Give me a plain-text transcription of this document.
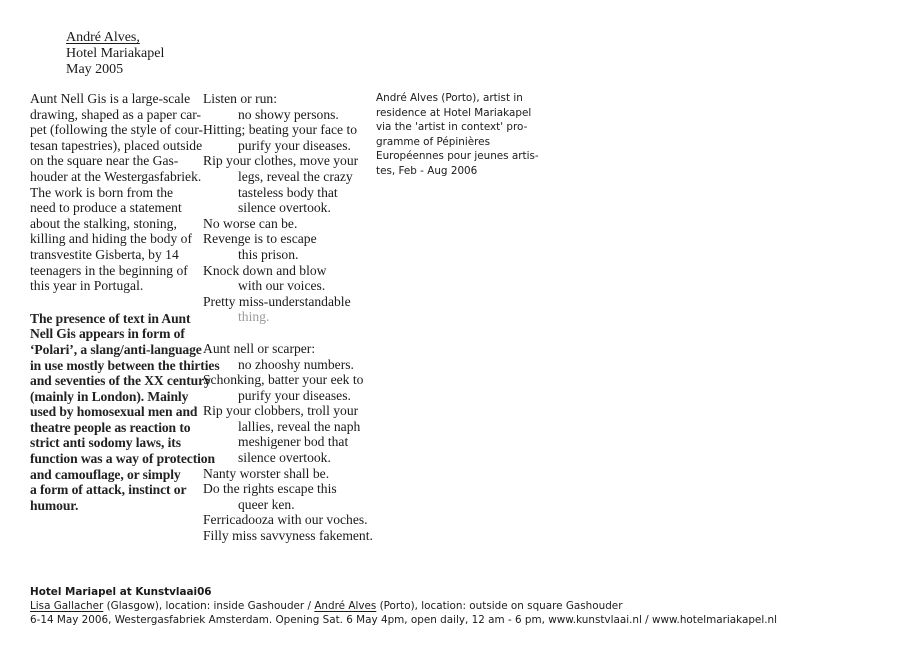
André Alves,
Hotel Mariakapel
May 2005

Aunt Nell Gis is a large-scale
drawing, shaped as a paper car-
pet (following the style of cour-
tesan tapestries), placed outside
on the square near the Gas-
houder at the Westergasfabriek.
The work is born from the
need to produce a statement
about the stalking, stoning,
killing and hiding the body of
transvestite Gisberta, by 14
teenagers in the beginning of
this year in Portugal.

The presence of text in Aunt
Nell Gis appears in form of
‘Polari’, a slang/anti-language
in use mostly between the thirties
and seventies of the XX century
(mainly in London). Mainly
used by homosexual men and
theatre people as reaction to
strict anti sodomy laws, its
function was a way of protection
and camouflage, or simply
a form of attack, instinct or
humour.

Listen or run:
no showy persons.
Hitting; beating your face to
purify your diseases.
Rip your clothes, move your
legs, reveal the crazy
tasteless body that
silence overtook.
No worse can be.
Revenge is to escape
this prison.
Knock down and blow
with our voices.
Pretty miss-understandable
thing.
Aunt nell or scarper:
no zhooshy numbers.
Schonking, batter your eek to
purify your diseases.
Rip your clobbers, troll your
lallies, reveal the naph
meshigener bod that
silence overtook.
Nanty worster shall be.
Do the rights escape this
queer ken.
Ferricadooza with our voches.
Filly miss savvyness fakement.
André Alves (Porto), artist in
residence at Hotel Mariakapel
via the 'artist in context' pro-
gramme of Pépinières
Européennes pour jeunes artis-
tes, Feb - Aug 2006
Hotel Mariapel at Kunstvlaai06
Lisa Gallacher (Glasgow), location: inside Gashouder / André Alves (Porto), location: outside on square Gashouder
6-14 May 2006, Westergasfabriek Amsterdam. Opening Sat. 6 May 4pm, open daily, 12 am - 6 pm, www.kunstvlaai.nl / www.hotelmariakapel.nl
